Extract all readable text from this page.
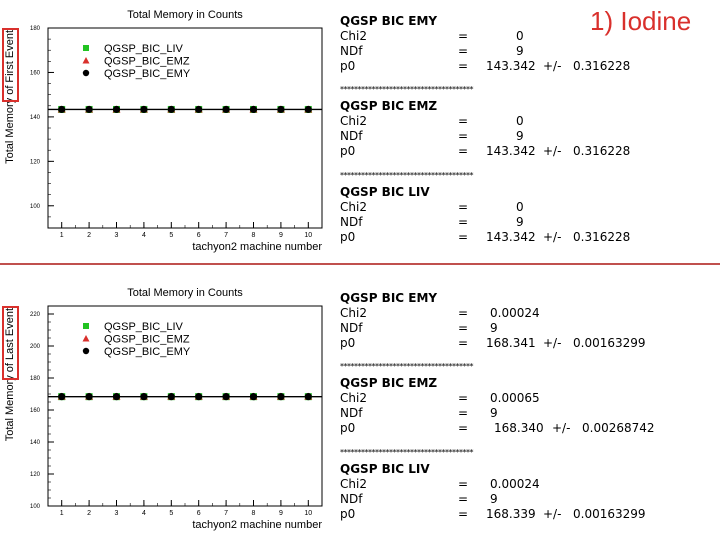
Total Memory in Counts
100
120
140
160
180
1	2	3	4	5	6	7	8	9	10
tachyon2 machine number
Total Memory of First Event	QGSP_BIC_LIV
QGSP_BIC_EMZ
QGSP_BIC_EMY
Total Memory in Counts
100
120
140
160
180
200
220
1	2	3	4	5	6	7	8	9	10
tachyon2 machine number
Total Memory of Last Event	QGSP_BIC_LIV
QGSP_BIC_EMZ
QGSP_BIC_EMY
1) Iodine
QGSP BIC EMY
Chi2	=	0
NDf	=	9
p0	= 143.342 +/- 0.316228
**************************************
QGSP BIC EMZ
Chi2	=	0
NDf	=	9
p0	= 143.342 +/- 0.316228
**************************************
QGSP BIC LIV
Chi2	=	0
NDf	=	9
p0	= 143.342 +/- 0.316228
QGSP BIC EMY
Chi2	= 0.00024
NDf	= 9
p0	= 168.341 +/- 0.00163299
**************************************
QGSP BIC EMZ
Chi2	= 0.00065
NDf	= 9
p0	= 168.340 +/- 0.00268742
**************************************
QGSP BIC LIV
Chi2	= 0.00024
NDf	= 9
p0	= 168.339 +/- 0.00163299
